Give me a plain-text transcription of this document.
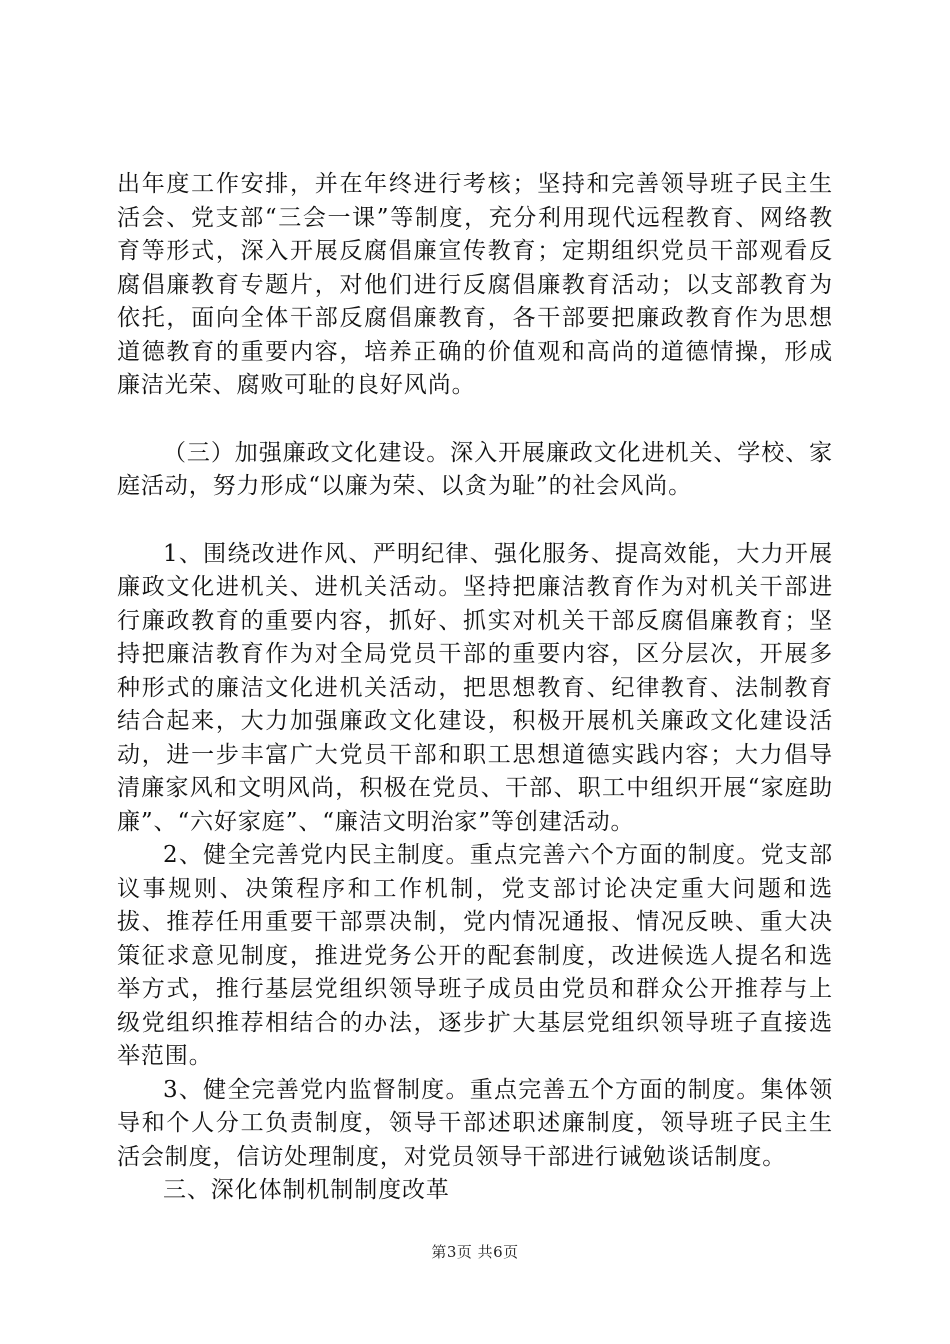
出年度工作安排，并在年终进行考核；坚持和完善领导班子民主生活会、党支部“三会一课”等制度，充分利用现代远程教育、网络教育等形式，深入开展反腐倡廉宣传教育；定期组织党员干部观看反腐倡廉教育专题片，对他们进行反腐倡廉教育活动；以支部教育为依托，面向全体干部反腐倡廉教育，各干部要把廉政教育作为思想道德教育的重要内容，培养正确的价值观和高尚的道德情操，形成廉洁光荣、腐败可耻的良好风尚。

（三）加强廉政文化建设。深入开展廉政文化进机关、学校、家庭活动，努力形成“以廉为荣、以贪为耻”的社会风尚。

1、围绕改进作风、严明纪律、强化服务、提高效能，大力开展廉政文化进机关、进机关活动。坚持把廉洁教育作为对机关干部进行廉政教育的重要内容，抓好、抓实对机关干部反腐倡廉教育；坚持把廉洁教育作为对全局党员干部的重要内容，区分层次，开展多种形式的廉洁文化进机关活动，把思想教育、纪律教育、法制教育结合起来，大力加强廉政文化建设，积极开展机关廉政文化建设活动，进一步丰富广大党员干部和职工思想道德实践内容；大力倡导清廉家风和文明风尚，积极在党员、干部、职工中组织开展“家庭助廉”、“六好家庭”、“廉洁文明治家”等创建活动。

2、健全完善党内民主制度。重点完善六个方面的制度。党支部议事规则、决策程序和工作机制，党支部讨论决定重大问题和选拔、推荐任用重要干部票决制，党内情况通报、情况反映、重大决策征求意见制度，推进党务公开的配套制度，改进候选人提名和选举方式，推行基层党组织领导班子成员由党员和群众公开推荐与上级党组织推荐相结合的办法，逐步扩大基层党组织领导班子直接选举范围。

3、健全完善党内监督制度。重点完善五个方面的制度。集体领导和个人分工负责制度，领导干部述职述廉制度，领导班子民主生活会制度，信访处理制度，对党员领导干部进行诫勉谈话制度。

三、深化体制机制制度改革

第3页 共6页
